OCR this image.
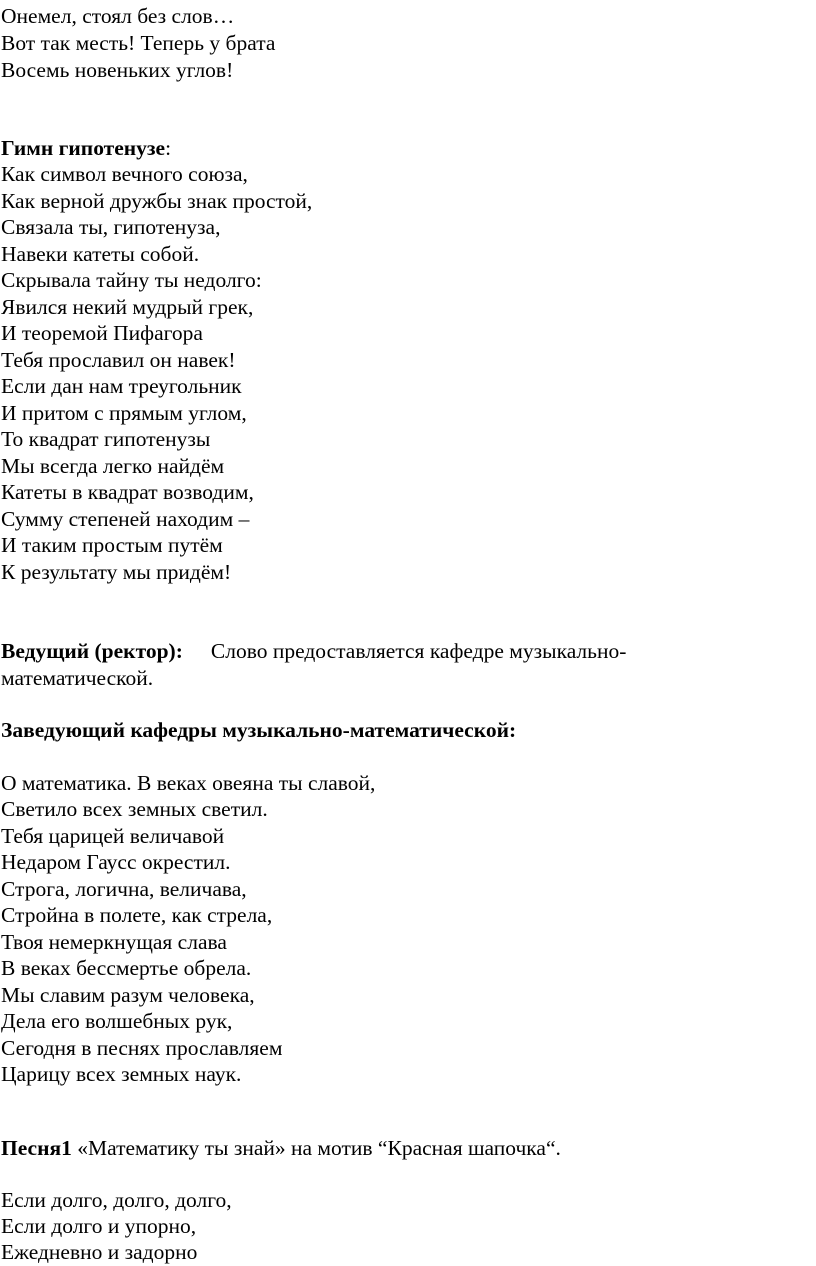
Онемел, стоял без слов…
Вот так месть! Теперь у брата
Восемь новеньких углов!
Гимн гипотенузе:
Как символ вечного союза,
Как верной дружбы знак простой,
Связала ты, гипотенуза,
Навеки катеты собой.
Скрывала тайну ты недолго:
Явился некий мудрый грек,
И теоремой Пифагора
Тебя прославил он навек!
Если дан нам треугольник
И притом с прямым углом,
То квадрат гипотенузы
Мы всегда легко найдём
Катеты в квадрат возводим,
Сумму степеней находим –
И таким простым путём
К результату мы придём!
Ведущий (ректор): Слово предоставляется кафедре музыкально-
математической.
Заведующий кафедры музыкально-математической:
О математика. В веках овеяна ты славой,
Светило всех земных светил.
Тебя царицей величавой
Недаром Гаусс окрестил.
Строга, логична, величава,
Стройна в полете, как стрела,
Твоя немеркнущая слава
В веках бессмертье обрела.
Мы славим разум человека,
Дела его волшебных рук,
Сегодня в песнях прославляем
Царицу всех земных наук.
Песня1 «Математику ты знай» на мотив “Красная шапочка“.
Если долго, долго, долго,
Если долго и упорно,
Ежедневно и задорно
